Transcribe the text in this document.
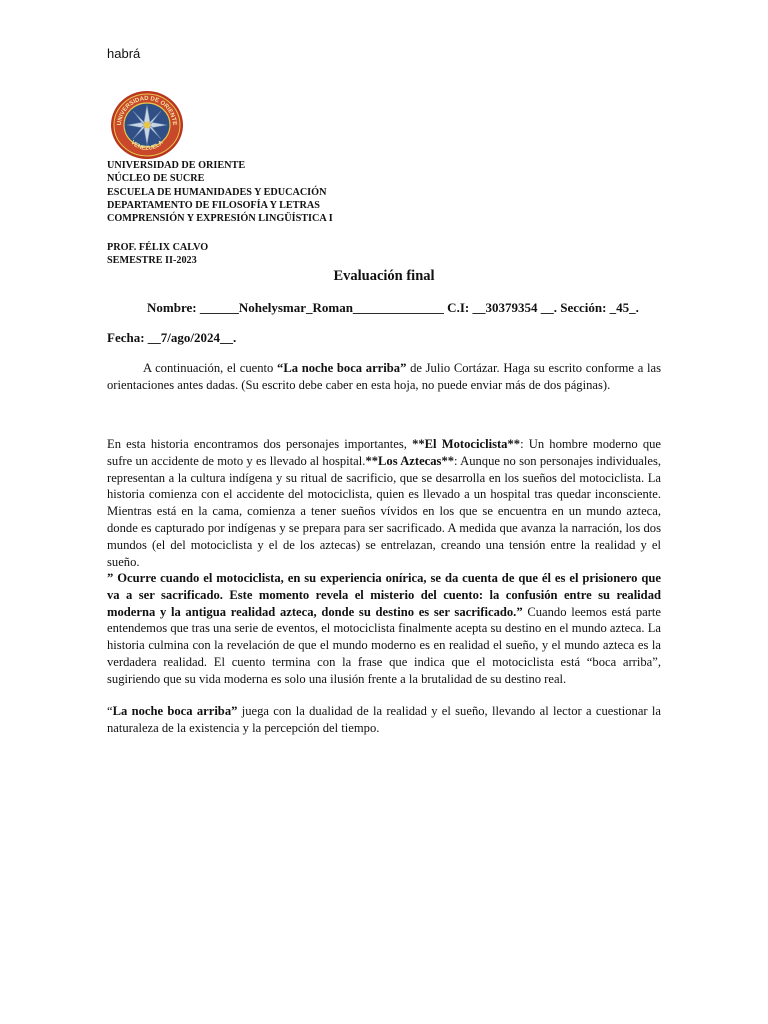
habrá
UNIVERSIDAD DE ORIENTE
VENEZUELA
UNIVERSIDAD DE ORIENTE
NÚCLEO DE SUCRE
ESCUELA DE HUMANIDADES Y EDUCACIÓN
DEPARTAMENTO DE FILOSOFÍA Y LETRAS
COMPRENSIÓN Y EXPRESIÓN LINGÜÍSTICA I
PROF. FÉLIX CALVO
SEMESTRE II-2023
Evaluación final
Nombre: ______Nohelysmar_Roman______________ C.I: __30379354 __. Sección: _45_.
Fecha: __7/ago/2024__.

A continuación, el cuento “La noche boca arriba” de Julio Cortázar. Haga su escrito conforme a las orientaciones antes dadas. (Su escrito debe caber en esta hoja, no puede enviar más de dos páginas).

En esta historia encontramos dos personajes importantes, **El Motociclista**: Un hombre moderno que sufre un accidente de moto y es llevado al hospital.**Los Aztecas**: Aunque no son personajes individuales, representan a la cultura indígena y su ritual de sacrificio, que se desarrolla en los sueños del motociclista. La historia comienza con el accidente del motociclista, quien es llevado a un hospital tras quedar inconsciente. Mientras está en la cama, comienza a tener sueños vívidos en los que se encuentra en un mundo azteca, donde es capturado por indígenas y se prepara para ser sacrificado. A medida que avanza la narración, los dos mundos (el del motociclista y el de los aztecas) se entrelazan, creando una tensión entre la realidad y el sueño.

” Ocurre cuando el motociclista, en su experiencia onírica, se da cuenta de que él es el prisionero que va a ser sacrificado. Este momento revela el misterio del cuento: la confusión entre su realidad moderna y la antigua realidad azteca, donde su destino es ser sacrificado.” Cuando leemos está parte entendemos que tras una serie de eventos, el motociclista finalmente acepta su destino en el mundo azteca. La historia culmina con la revelación de que el mundo moderno es en realidad el sueño, y el mundo azteca es la verdadera realidad. El cuento termina con la frase que indica que el motociclista está “boca arriba”, sugiriendo que su vida moderna es solo una ilusión frente a la brutalidad de su destino real.

“La noche boca arriba” juega con la dualidad de la realidad y el sueño, llevando al lector a cuestionar la naturaleza de la existencia y la percepción del tiempo.
